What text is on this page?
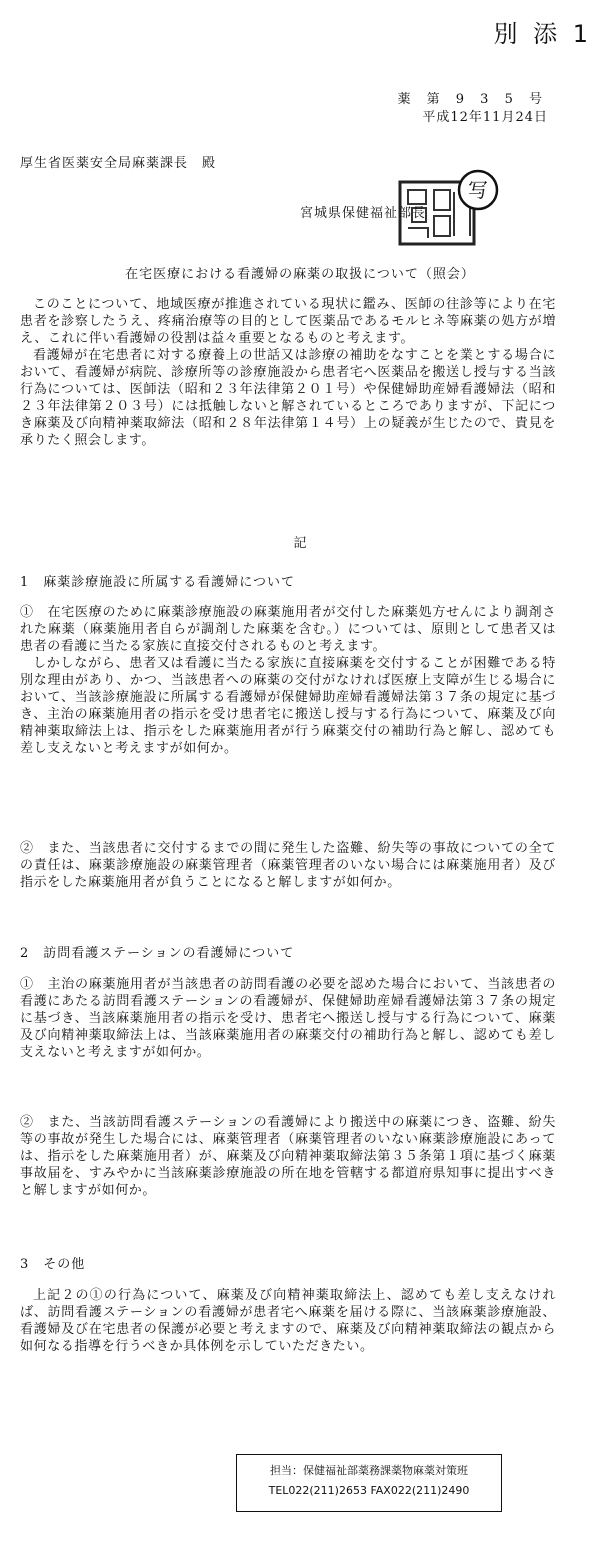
別 添 1
薬 第 9 3 5 号
平成12年11月24日
厚生省医薬安全局麻薬課長　殿
写
宮城県保健福祉部長
在宅医療における看護婦の麻薬の取扱について（照会）

このことについて、地域医療が推進されている現状に鑑み、医師の往診等により在宅患者を診察したうえ、疼痛治療等の目的として医薬品であるモルヒネ等麻薬の処方が増え、これに伴い看護婦の役割は益々重要となるものと考えます。

看護婦が在宅患者に対する療養上の世話又は診療の補助をなすことを業とする場合において、看護婦が病院、診療所等の診療施設から患者宅へ医薬品を搬送し授与する当該行為については、医師法（昭和２３年法律第２０１号）や保健婦助産婦看護婦法（昭和２３年法律第２０３号）には抵触しないと解されているところでありますが、下記につき麻薬及び向精神薬取締法（昭和２８年法律第１４号）上の疑義が生じたので、貴見を承りたく照会します。

記
1　麻薬診療施設に所属する看護婦について

①　在宅医療のために麻薬診療施設の麻薬施用者が交付した麻薬処方せんにより調剤された麻薬（麻薬施用者自らが調剤した麻薬を含む。）については、原則として患者又は患者の看護に当たる家族に直接交付されるものと考えます。

しかしながら、患者又は看護に当たる家族に直接麻薬を交付することが困難である特別な理由があり、かつ、当該患者への麻薬の交付がなければ医療上支障が生じる場合において、当該診療施設に所属する看護婦が保健婦助産婦看護婦法第３７条の規定に基づき、主治の麻薬施用者の指示を受け患者宅に搬送し授与する行為について、麻薬及び向精神薬取締法上は、指示をした麻薬施用者が行う麻薬交付の補助行為と解し、認めても差し支えないと考えますが如何か。

②　また、当該患者に交付するまでの間に発生した盗難、紛失等の事故についての全ての責任は、麻薬診療施設の麻薬管理者（麻薬管理者のいない場合には麻薬施用者）及び指示をした麻薬施用者が負うことになると解しますが如何か。

2　訪問看護ステーションの看護婦について

①　主治の麻薬施用者が当該患者の訪問看護の必要を認めた場合において、当該患者の看護にあたる訪問看護ステーションの看護婦が、保健婦助産婦看護婦法第３７条の規定に基づき、当該麻薬施用者の指示を受け、患者宅へ搬送し授与する行為について、麻薬及び向精神薬取締法上は、当該麻薬施用者の麻薬交付の補助行為と解し、認めても差し支えないと考えますが如何か。

②　また、当該訪問看護ステーションの看護婦により搬送中の麻薬につき、盗難、紛失等の事故が発生した場合には、麻薬管理者（麻薬管理者のいない麻薬診療施設にあっては、指示をした麻薬施用者）が、麻薬及び向精神薬取締法第３５条第１項に基づく麻薬事故届を、すみやかに当該麻薬診療施設の所在地を管轄する都道府県知事に提出すべきと解しますが如何か。

3　その他

上記２の①の行為について、麻薬及び向精神薬取締法上、認めても差し支えなければ、訪問看護ステーションの看護婦が患者宅へ麻薬を届ける際に、当該麻薬診療施設、看護婦及び在宅患者の保護が必要と考えますので、麻薬及び向精神薬取締法の観点から如何なる指導を行うべきか具体例を示していただきたい。

担当：保健福祉部薬務課薬物麻薬対策班
TEL022(211)2653 FAX022(211)2490
